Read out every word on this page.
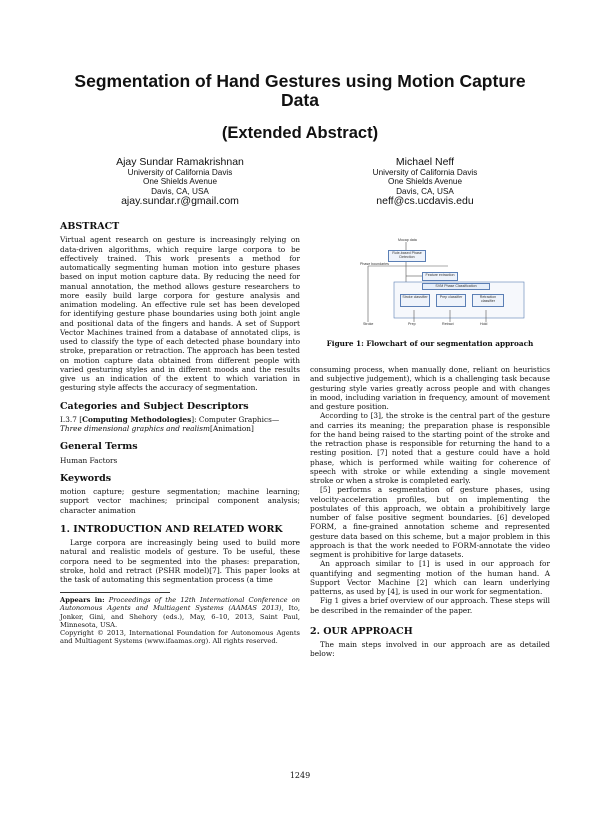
Segmentation of Hand Gestures using Motion Capture Data
(Extended Abstract)
Ajay Sundar Ramakrishnan
University of California Davis
One Shields Avenue
Davis, CA, USA
ajay.sundar.r@gmail.com
Michael Neff
University of California Davis
One Shields Avenue
Davis, CA, USA
neff@cs.ucdavis.edu
ABSTRACT

Virtual agent research on gesture is increasingly relying on data-driven algorithms, which require large corpora to be effectively trained. This work presents a method for automatically segmenting human motion into gesture phases based on input motion capture data. By reducing the need for manual annotation, the method allows gesture researchers to more easily build large corpora for gesture analysis and animation modeling. An effective rule set has been developed for identifying gesture phase boundaries using both joint angle and positional data of the fingers and hands. A set of Support Vector Machines trained from a database of annotated clips, is used to classify the type of each detected phase boundary into stroke, preparation or retraction. The approach has been tested on motion capture data obtained from different people with varied gesturing styles and in different moods and the results give us an indication of the extent to which variation in gesturing style affects the accuracy of segmentation.

Categories and Subject Descriptors

I.3.7 [Computing Methodologies]: Computer Graphics—Three dimensional graphics and realism[Animation]

General Terms

Human Factors

Keywords

motion capture; gesture segmentation; machine learning; support vector machines; principal component analysis; character animation

1. INTRODUCTION AND RELATED WORK

Large corpora are increasingly being used to build more natural and realistic models of gesture. To be useful, these corpora need to be segmented into the phases: preparation, stroke, hold and retract (PSHR model)[7]. This paper looks at the task of automating this segmentation process (a time

Appears in: Proceedings of the 12th International Conference on Autonomous Agents and Multiagent Systems (AAMAS 2013), Ito, Jonker, Gini, and Shehory (eds.), May, 6–10, 2013, Saint Paul, Minnesota, USA.

Copyright © 2013, International Foundation for Autonomous Agents and Multiagent Systems (www.ifaamas.org). All rights reserved.

Mocap data
Rule-based Phase Detection
Phase boundaries
Feature extraction
SVM Phase Classification
Stroke classifier	Prep classifier	Retraction classifier
Stroke	Prep	Retract	Hold
Figure 1: Flowchart of our segmentation approach

consuming process, when manually done, reliant on heuristics and subjective judgement), which is a challenging task because gesturing style varies greatly across people and with changes in mood, including variation in frequency, amount of movement and gesture position.

According to [3], the stroke is the central part of the gesture and carries its meaning; the preparation phase is responsible for the hand being raised to the starting point of the stroke and the retraction phase is responsible for returning the hand to a resting position. [7] noted that a gesture could have a hold phase, which is performed while waiting for coherence of speech with stroke or while extending a single movement stroke or when a stroke is completed early.

[5] performs a segmentation of gesture phases, using velocity-acceleration profiles, but on implementing the postulates of this approach, we obtain a prohibitively large number of false positive segment boundaries. [6] developed FORM, a fine-grained annotation scheme and represented gesture data based on this scheme, but a major problem in this approach is that the work needed to FORM-annotate the video segment is prohibitive for large datasets.

An approach similar to [1] is used in our approach for quantifying and segmenting motion of the human hand. A Support Vector Machine [2] which can learn underlying patterns, as used by [4], is used in our work for segmentation.

Fig 1 gives a brief overview of our approach. These steps will be described in the remainder of the paper.

2. OUR APPROACH

The main steps involved in our approach are as detailed below:

1249
